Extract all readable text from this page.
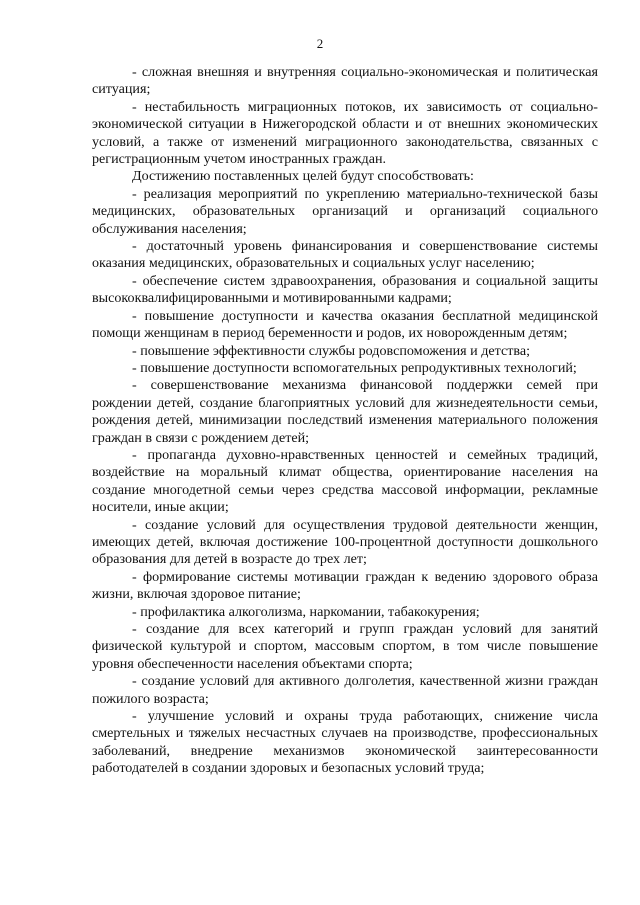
2

- сложная внешняя и внутренняя социально-экономическая и политическая ситуация;

- нестабильность миграционных потоков, их зависимость от социально-экономической ситуации в Нижегородской области и от внешних экономических условий, а также от изменений миграционного законодательства, связанных с регистрационным учетом иностранных граждан.

Достижению поставленных целей будут способствовать:

- реализация мероприятий по укреплению материально-технической базы медицинских, образовательных организаций и организаций социального обслуживания населения;

- достаточный уровень финансирования и совершенствование системы оказания медицинских, образовательных и социальных услуг населению;

- обеспечение систем здравоохранения, образования и социальной защиты высококвалифицированными и мотивированными кадрами;

- повышение доступности и качества оказания бесплатной медицинской помощи женщинам в период беременности и родов, их новорожденным детям;

- повышение эффективности службы родовспоможения и детства;

- повышение доступности вспомогательных репродуктивных технологий;

- совершенствование механизма финансовой поддержки семей при рождении детей, создание благоприятных условий для жизнедеятельности семьи, рождения детей, минимизации последствий изменения материального положения граждан в связи с рождением детей;

- пропаганда духовно-нравственных ценностей и семейных традиций, воздействие на моральный климат общества, ориентирование населения на создание многодетной семьи через средства массовой информации, рекламные носители, иные акции;

- создание условий для осуществления трудовой деятельности женщин, имеющих детей, включая достижение 100-процентной доступности дошкольного образования для детей в возрасте до трех лет;

- формирование системы мотивации граждан к ведению здорового образа жизни, включая здоровое питание;

- профилактика алкоголизма, наркомании, табакокурения;

- создание для всех категорий и групп граждан условий для занятий физической культурой и спортом, массовым спортом, в том числе повышение уровня обеспеченности населения объектами спорта;

- создание условий для активного долголетия, качественной жизни граждан пожилого возраста;

- улучшение условий и охраны труда работающих, снижение числа смертельных и тяжелых несчастных случаев на производстве, профессиональных заболеваний, внедрение механизмов экономической заинтересованности работодателей в создании здоровых и безопасных условий труда;
